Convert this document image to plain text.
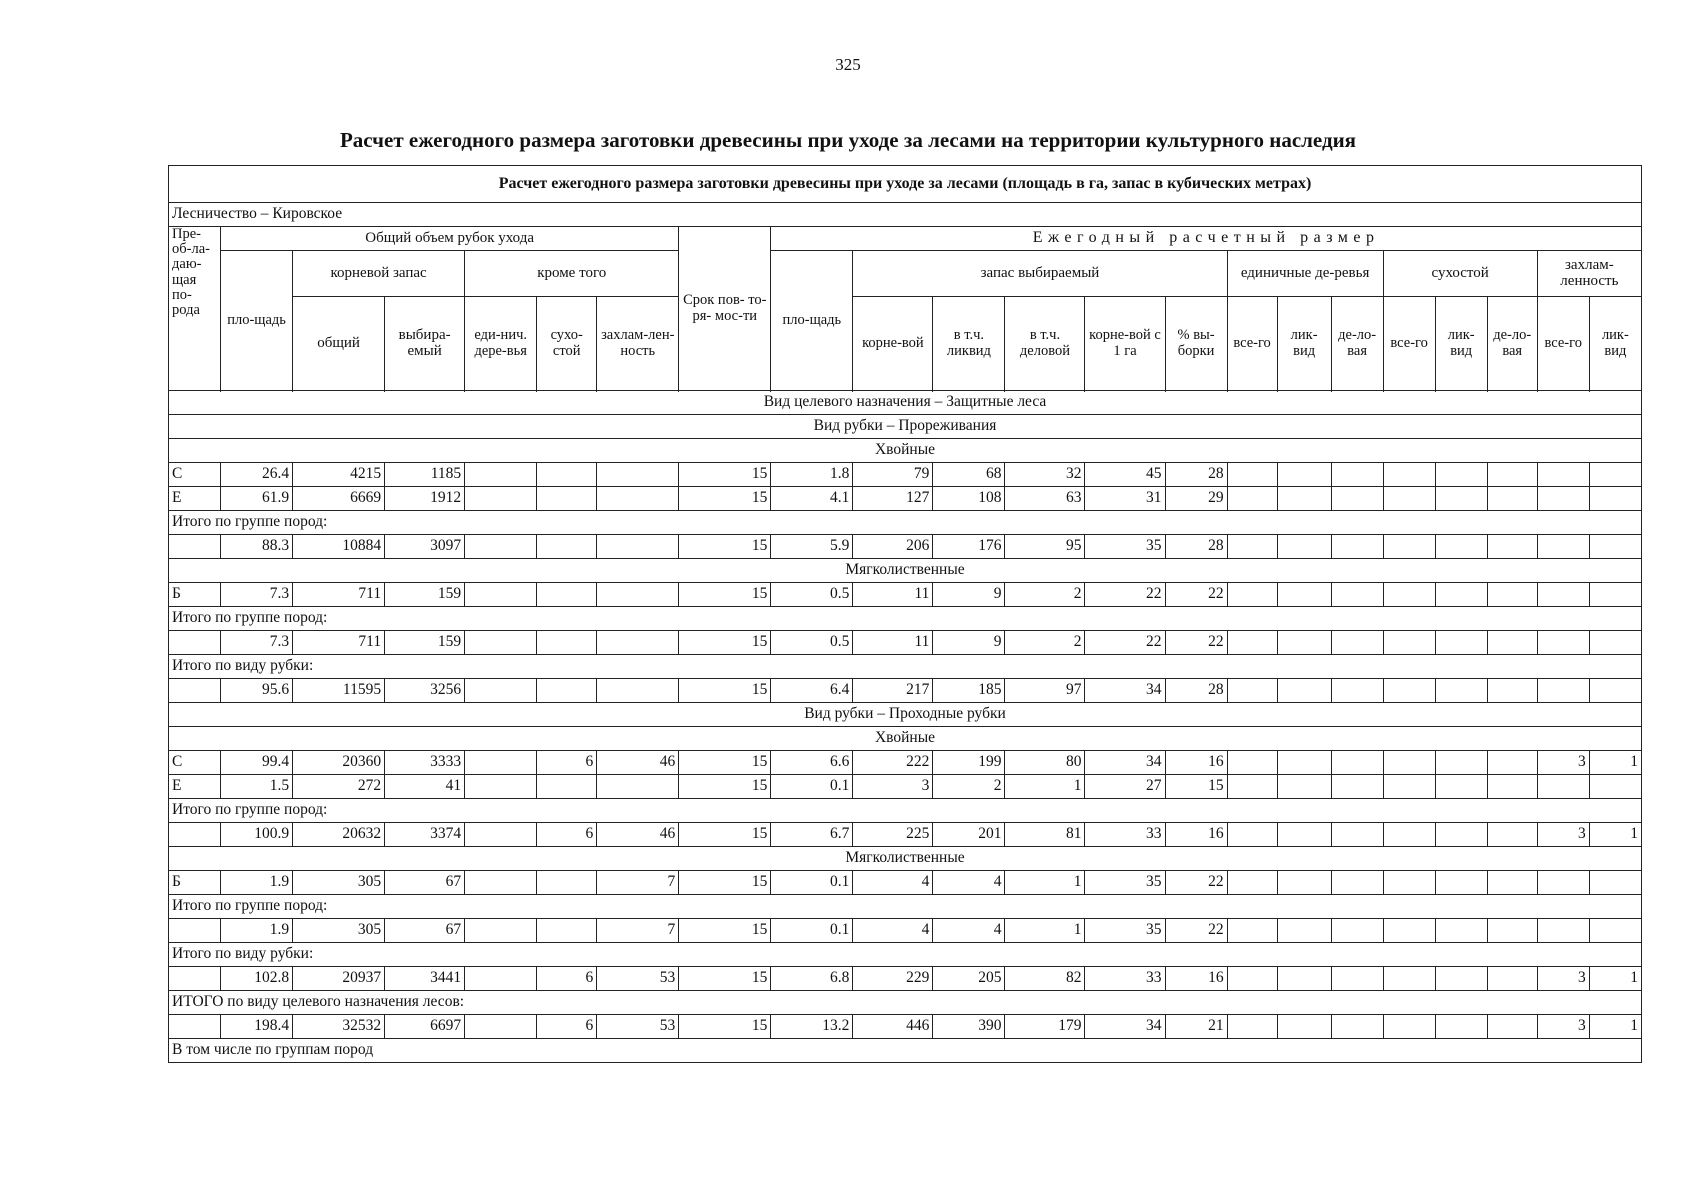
325
Расчет ежегодного размера заготовки древесины при уходе за лесами на территории культурного наследия
Расчет ежегодного размера заготовки древесины при уходе за лесами (площадь в га, запас в кубических метрах)																					
Лесничество – Кировское																					
Пре-об-ла-даю-щая по-рода	Общий объем рубок ухода						Срок пов- то-ря- мос-ти	Ежегодный расчетный размер													
	пло-щадь	корневой запас		кроме того				пло-щадь	запас выбираемый					единичные де-ревья			сухостой			захлам-ленность	
		общий	выбира-емый	еди-нич. дере-вья	сухо-стой	захлам-лен-ность			корне-вой	в т.ч. ликвид	в т.ч. деловой	корне-вой с 1 га	% вы-борки	все-го	лик-вид	де-ло-вая	все-го	лик-вид	де-ло-вая	все-го	лик-вид

Вид целевого назначения – Защитные леса																					
Вид рубки – Прореживания																					
Хвойные																					
С	26.4	4215	1185				15	1.8	79	68	32	45	28								
Е	61.9	6669	1912				15	4.1	127	108	63	31	29								
Итого по группе пород:																					
	88.3	10884	3097				15	5.9	206	176	95	35	28								
Мягколиственные																					
Б	7.3	711	159				15	0.5	11	9	2	22	22								
Итого по группе пород:																					
	7.3	711	159				15	0.5	11	9	2	22	22								
Итого по виду рубки:																					
	95.6	11595	3256				15	6.4	217	185	97	34	28								
Вид рубки – Проходные рубки																					
Хвойные																					
С	99.4	20360	3333		6	46	15	6.6	222	199	80	34	16							3	1
Е	1.5	272	41				15	0.1	3	2	1	27	15								
Итого по группе пород:																					
	100.9	20632	3374		6	46	15	6.7	225	201	81	33	16							3	1
Мягколиственные																					
Б	1.9	305	67			7	15	0.1	4	4	1	35	22								
Итого по группе пород:																					
	1.9	305	67			7	15	0.1	4	4	1	35	22								
Итого по виду рубки:																					
	102.8	20937	3441		6	53	15	6.8	229	205	82	33	16							3	1
ИТОГО по виду целевого назначения лесов:																					
	198.4	32532	6697		6	53	15	13.2	446	390	179	34	21							3	1
В том числе по группам пород																					
